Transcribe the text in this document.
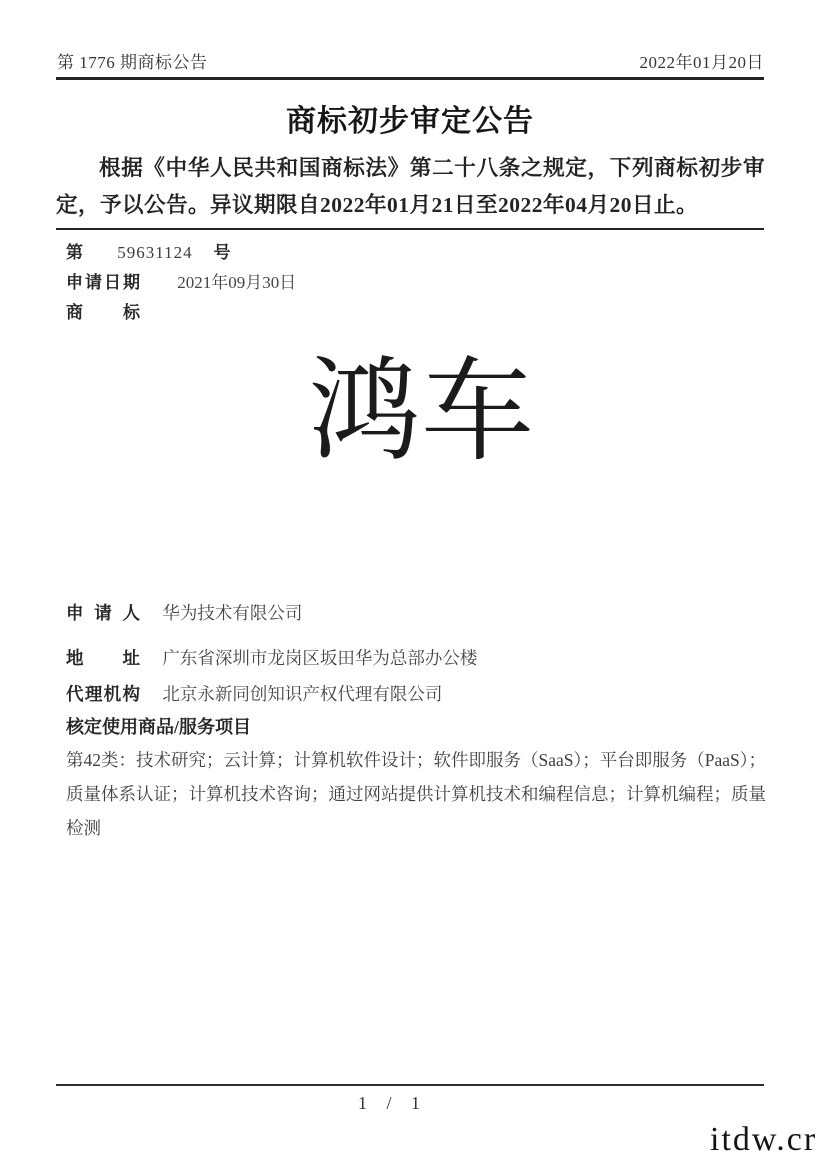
第 1776 期商标公告	2022年01月20日
商标初步审定公告

根据《中华人民共和国商标法》第二十八条之规定，下列商标初步审定，予以公告。异议期限自2022年01月21日至2022年04月20日止。

第 59631124 号
申请日期 2021年09月30日
商标
鸿车
申请人 华为技术有限公司
地址 广东省深圳市龙岗区坂田华为总部办公楼
代理机构 北京永新同创知识产权代理有限公司
核定使用商品/服务项目

第42类：技术研究；云计算；计算机软件设计；软件即服务（SaaS）；平台即服务（PaaS）；质量体系认证；计算机技术咨询；通过网站提供计算机技术和编程信息；计算机编程；质量检测

1 / 1
itdw.cr
